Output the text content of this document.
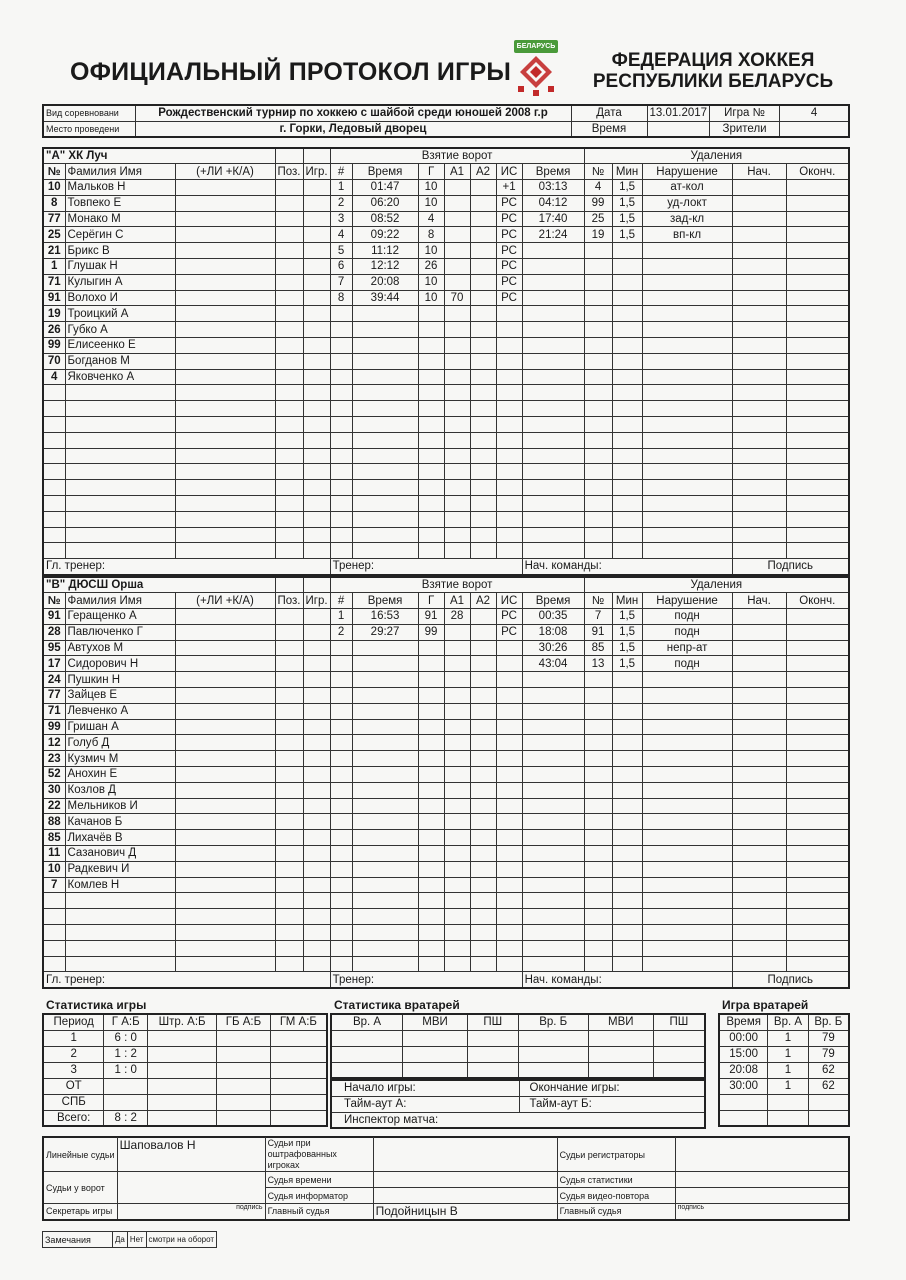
ОФИЦИАЛЬНЫЙ ПРОТОКОЛ ИГРЫ
БЕЛАРУСЬ
ФЕДЕРАЦИЯ ХОККЕЯ
РЕСПУБЛИКИ БЕЛАРУСЬ
Вид соревновани	Рождественский турнир по хоккею с шайбой среди юношей 2008 г.р	Дата	13.01.2017	Игра №	4
Место проведени	г. Горки, Ледовый дворец	Время		Зрители	
"А" ХК Луч					Взятие ворот							Удаления				
№	Фамилия Имя	(+ЛИ +К/А)	Поз.	Игр.	#	Время	Г	А1	А2	ИС	Время	№	Мин	Нарушение	Нач.	Оконч.
10	Мальков Н				1	01:47	10			+1	03:13	4	1,5	ат-кол		
8	Товпеко Е				2	06:20	10			РС	04:12	99	1,5	уд-локт		
77	Монако М				3	08:52	4			РС	17:40	25	1,5	зад-кл		
25	Серёгин С				4	09:22	8			РС	21:24	19	1,5	вп-кл		
21	Брикс В				5	11:12	10			РС						
1	Глушак Н				6	12:12	26			РС						
71	Кулыгин А				7	20:08	10			РС						
91	Волохо И				8	39:44	10	70		РС						
19	Троицкий А															
26	Губко А															
99	Елисеенко Е															
70	Богданов М															
4	Яковченко А															

Гл. тренер:					Тренер:						Нач. команды:				Подпись	
"В" ДЮСШ Орша					Взятие ворот							Удаления				
№	Фамилия Имя	(+ЛИ +К/А)	Поз.	Игр.	#	Время	Г	А1	А2	ИС	Время	№	Мин	Нарушение	Нач.	Оконч.
91	Геращенко А				1	16:53	91	28		РС	00:35	7	1,5	подн		
28	Павлюченко Г				2	29:27	99			РС	18:08	91	1,5	подн		
95	Автухов М										30:26	85	1,5	непр-ат		
17	Сидорович Н										43:04	13	1,5	подн		
24	Пушкин Н															
77	Зайцев Е															
71	Левченко А															
99	Гришан А															
12	Голуб Д															
23	Кузмич М															
52	Анохин Е															
30	Козлов Д															
22	Мельников И															
88	Качанов Б															
85	Лихачёв В															
11	Сазанович Д															
10	Радкевич И															
7	Комлев Н															

Гл. тренер:					Тренер:						Нач. команды:				Подпись	
Статистика игры	Статистика вратарей	Игра вратарей
Период	Г А:Б	Штр. А:Б	ГБ А:Б	ГМ А:Б
1	6 : 0			
2	1 : 2			
3	1 : 0			
ОТ				
СПБ				
Всего:	8 : 2			
Вр. А	МВИ	ПШ	Вр. Б	МВИ	ПШ

Начало игры:	Окончание игры:
Тайм-аут А:	Тайм-аут Б:
Инспектор матча:	
Время	Вр. А	Вр. Б
00:00	1	79
15:00	1	79
20:08	1	62
30:00	1	62

Линейные судьи	Шаповалов Н	Судьи при оштрафованных игроках		Судьи регистраторы	

Судьи у ворот		Судья времени		Судья статистики	
		Судья информатор		Судья видео-повтора	
Секретарь игры	подпись	Главный судья	Подойницын В	Главный судья	подпись
Замечания	Да	Нет	смотри на оборот
